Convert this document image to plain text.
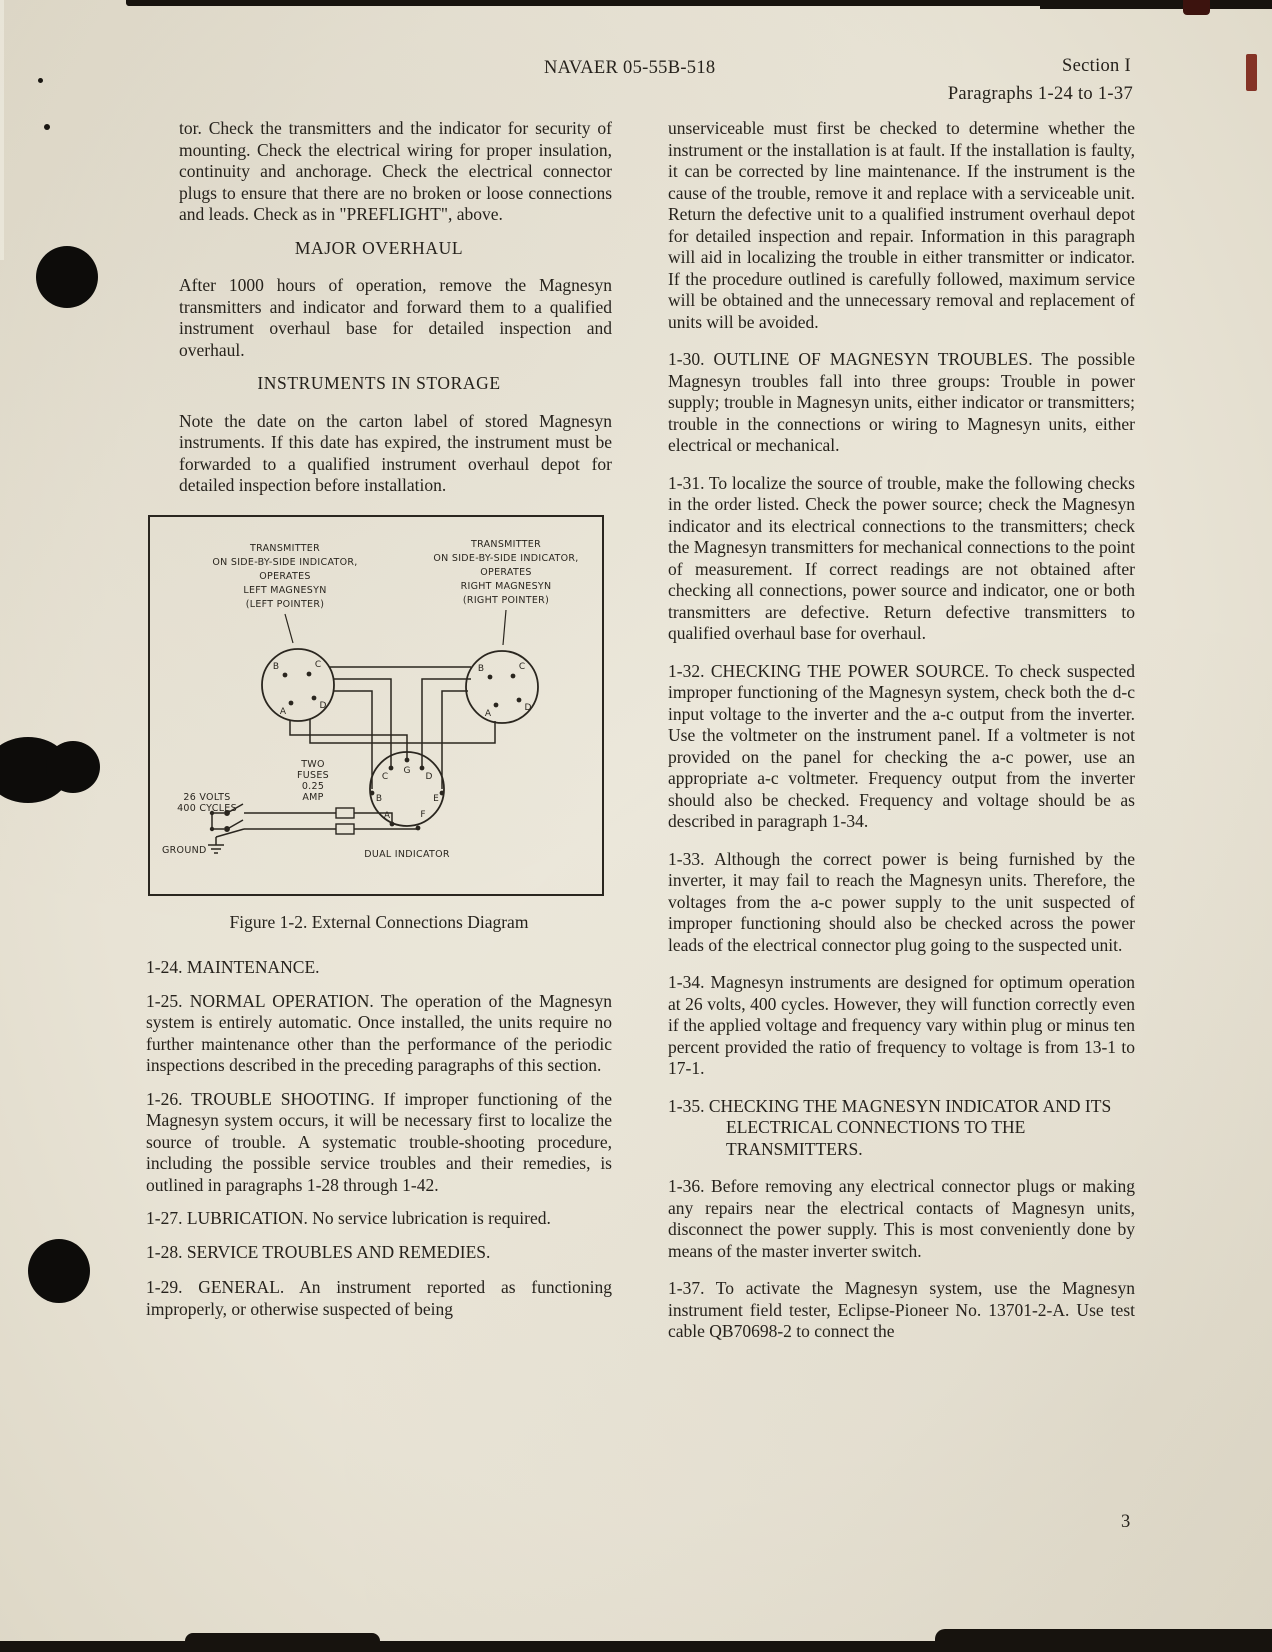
NAVAER 05-55B-518	Section I
Paragraphs 1-24 to 1-37

tor. Check the transmitters and the indicator for security of mounting. Check the electrical wiring for proper insulation, continuity and anchorage. Check the electrical connector plugs to ensure that there are no broken or loose connections and leads. Check as in "PREFLIGHT", above.

MAJOR OVERHAUL

After 1000 hours of operation, remove the Magnesyn transmitters and indicator and forward them to a qualified instrument overhaul base for detailed inspection and overhaul.

INSTRUMENTS IN STORAGE

Note the date on the carton label of stored Magnesyn instruments. If this date has expired, the instrument must be forwarded to a qualified instrument overhaul depot for detailed inspection before installation.

TRANSMITTER
ON SIDE-BY-SIDE INDICATOR,
OPERATES
LEFT MAGNESYN
(LEFT POINTER)
TRANSMITTER
ON SIDE-BY-SIDE INDICATOR,
OPERATES
RIGHT MAGNESYN
(RIGHT POINTER)
B	C
A
D
B	C
A
D
C
G
D
B	E
A	F
26 VOLTS
400 CYCLES
TWO
FUSES
0.25
AMP
GROUND	DUAL INDICATOR

Figure 1-2. External Connections Diagram

1-24. MAINTENANCE.

1-25. NORMAL OPERATION. The operation of the Magnesyn system is entirely automatic. Once installed, the units require no further maintenance other than the performance of the periodic inspections described in the preceding paragraphs of this section.

1-26. TROUBLE SHOOTING. If improper functioning of the Magnesyn system occurs, it will be necessary first to localize the source of trouble. A systematic trouble-shooting procedure, including the possible service troubles and their remedies, is outlined in paragraphs 1-28 through 1-42.

1-27. LUBRICATION. No service lubrication is required.

1-28. SERVICE TROUBLES AND REMEDIES.

1-29. GENERAL. An instrument reported as functioning improperly, or otherwise suspected of being

unserviceable must first be checked to determine whether the instrument or the installation is at fault. If the installation is faulty, it can be corrected by line maintenance. If the instrument is the cause of the trouble, remove it and replace with a serviceable unit. Return the defective unit to a qualified instrument overhaul depot for detailed inspection and repair. Information in this paragraph will aid in localizing the trouble in either transmitter or indicator. If the procedure outlined is carefully followed, maximum service will be obtained and the unnecessary removal and replacement of units will be avoided.

1-30. OUTLINE OF MAGNESYN TROUBLES. The possible Magnesyn troubles fall into three groups: Trouble in power supply; trouble in Magnesyn units, either indicator or transmitters; trouble in the connections or wiring to Magnesyn units, either electrical or mechanical.

1-31. To localize the source of trouble, make the following checks in the order listed. Check the power source; check the Magnesyn indicator and its electrical connections to the transmitters; check the Magnesyn transmitters for mechanical connections to the point of measurement. If correct readings are not obtained after checking all connections, power source and indicator, one or both transmitters are defective. Return defective transmitters to qualified overhaul base for overhaul.

1-32. CHECKING THE POWER SOURCE. To check suspected improper functioning of the Magnesyn system, check both the d-c input voltage to the inverter and the a-c output from the inverter. Use the voltmeter on the instrument panel. If a voltmeter is not provided on the panel for checking the a-c power, use an appropriate a-c voltmeter. Frequency output from the inverter should also be checked. Frequency and voltage should be as described in paragraph 1-34.

1-33. Although the correct power is being furnished by the inverter, it may fail to reach the Magnesyn units. Therefore, the voltages from the a-c power supply to the unit suspected of improper functioning should also be checked across the power leads of the electrical connector plug going to the suspected unit.

1-34. Magnesyn instruments are designed for optimum operation at 26 volts, 400 cycles. However, they will function correctly even if the applied voltage and frequency vary within plug or minus ten percent provided the ratio of frequency to voltage is from 13-1 to 17-1.

1-35. CHECKING THE MAGNESYN INDICATOR AND ITS ELECTRICAL CONNECTIONS TO THE TRANSMITTERS.

1-36. Before removing any electrical connector plugs or making any repairs near the electrical contacts of Magnesyn units, disconnect the power supply. This is most conveniently done by means of the master inverter switch.

1-37. To activate the Magnesyn system, use the Magnesyn instrument field tester, Eclipse-Pioneer No. 13701-2-A. Use test cable QB70698-2 to connect the

3
